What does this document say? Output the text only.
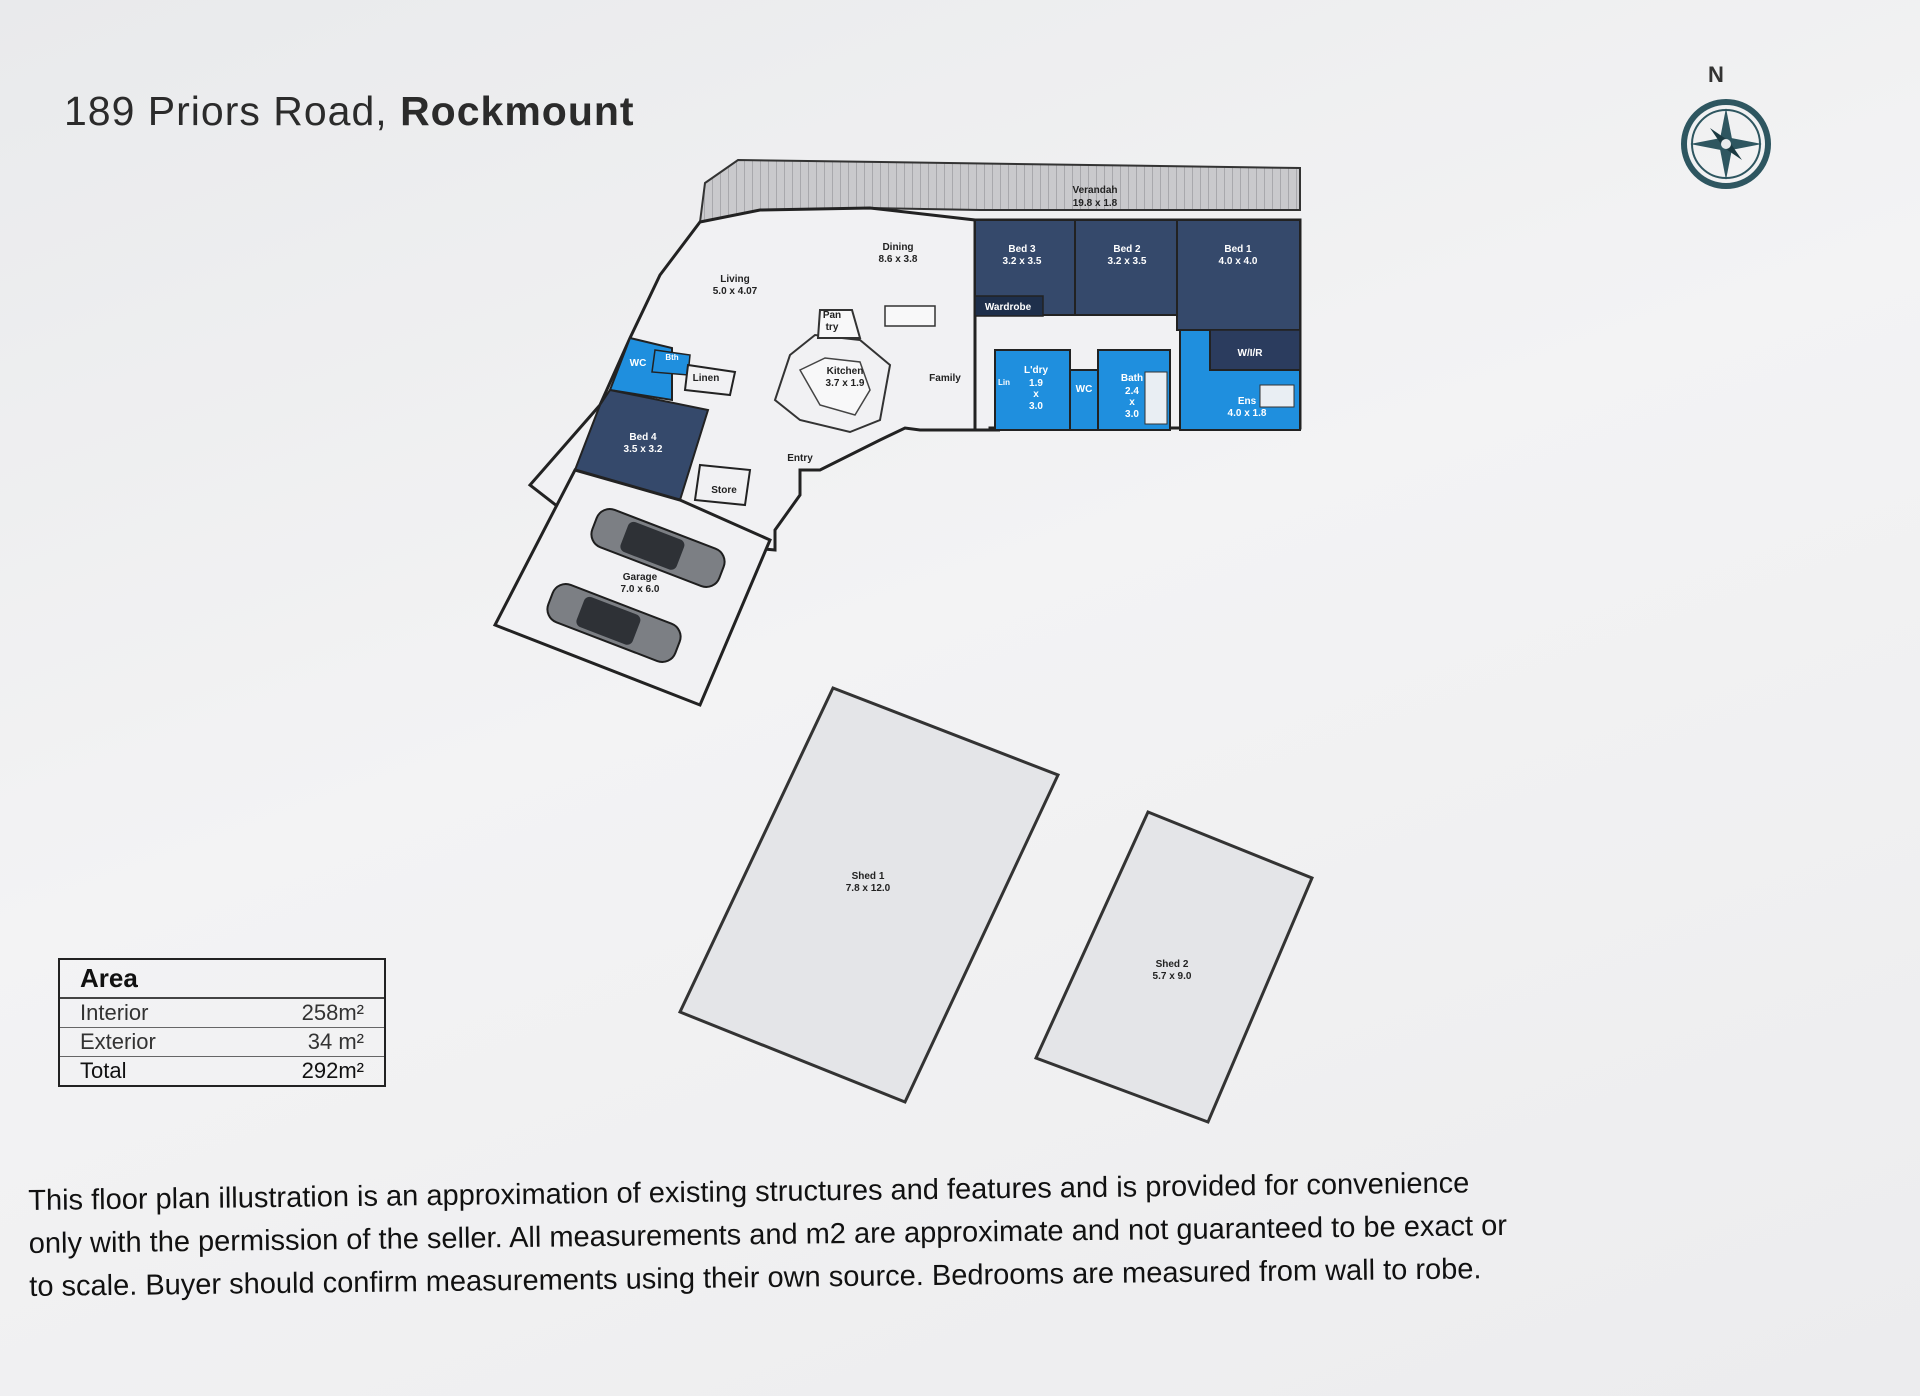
189 Priors Road, Rockmount
N
Verandah
19.8 x 1.8
Dining
8.6 x 3.8
Living
5.0 x 4.07
Pan
try
Kitchen
3.7 x 1.9	Family
Linen
Entry
Store
Garage
7.0 x 6.0
Shed 1
7.8 x 12.0
Shed 2
5.7 x 9.0
Bed 3
3.2 x 3.5
Bed 2
3.2 x 3.5
Bed 1
4.0 x 4.0
Wardrobe
W/I/R
L'dry
1.9
x
3.0
Lin
WC
Bath
2.4
x
3.0
Ens
4.0 x 1.8
WC
Bth
Bed 4
3.5 x 3.2
Area
Interior	258m²
Exterior	34 m²
Total	292m²
This floor plan illustration is an approximation of existing structures and features and is provided for convenience
only with the permission of the seller. All measurements and m2 are approximate and not guaranteed to be exact or
to scale. Buyer should confirm measurements using their own source. Bedrooms are measured from wall to robe.
